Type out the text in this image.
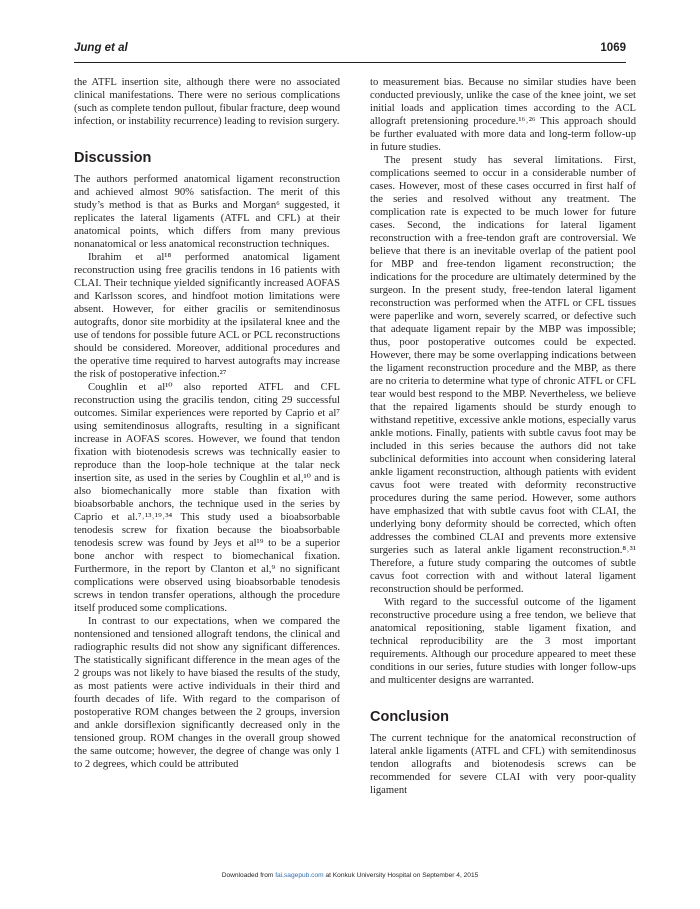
Jung et al	1069

the ATFL insertion site, although there were no associated clinical manifestations. There were no serious complications (such as complete tendon pullout, fibular fracture, deep wound infection, or instability recurrence) leading to revision surgery.

Discussion

The authors performed anatomical ligament reconstruction and achieved almost 90% satisfaction. The merit of this study’s method is that as Burks and Morgan⁶ suggested, it replicates the lateral ligaments (ATFL and CFL) at their anatomical points, which differs from many previous nonanatomical or less anatomical reconstruction techniques.

Ibrahim et al¹⁸ performed anatomical ligament reconstruction using free gracilis tendons in 16 patients with CLAI. Their technique yielded significantly increased AOFAS and Karlsson scores, and hindfoot motion limitations were absent. However, for either gracilis or semitendinosus autografts, donor site morbidity at the ipsilateral knee and the use of tendons for possible future ACL or PCL reconstructions should be considered. Moreover, additional procedures and the operative time required to harvest autografts may increase the risk of postoperative infection.²⁷

Coughlin et al¹⁰ also reported ATFL and CFL reconstruction using the gracilis tendon, citing 29 successful outcomes. Similar experiences were reported by Caprio et al⁷ using semitendinosus allografts, resulting in a significant increase in AOFAS scores. However, we found that tendon fixation with biotenodesis screws was technically easier to reproduce than the loop-hole technique at the talar neck insertion site, as used in the series by Coughlin et al,¹⁰ and is also biomechanically more stable than fixation with bioabsorbable anchors, the technique used in the series by Caprio et al.⁷˒¹³˒¹⁹˒³⁴ This study used a bioabsorbable tenodesis screw for fixation because the bioabsorbable tenodesis screw was found by Jeys et al¹⁹ to be a superior bone anchor with respect to biomechanical fixation. Furthermore, in the report by Clanton et al,⁹ no significant complications were observed using bioabsorbable tenodesis screws in tendon transfer operations, although the procedure itself produced some complications.

In contrast to our expectations, when we compared the nontensioned and tensioned allograft tendons, the clinical and radiographic results did not show any significant differences. The statistically significant difference in the mean ages of the 2 groups was not likely to have biased the results of the study, as most patients were active individuals in their third and fourth decades of life. With regard to the comparison of postoperative ROM changes between the 2 groups, inversion and ankle dorsiflexion significantly decreased only in the tensioned group. ROM changes in the overall group showed the same outcome; however, the degree of change was only 1 to 2 degrees, which could be attributed

to measurement bias. Because no similar studies have been conducted previously, unlike the case of the knee joint, we set initial loads and application times according to the ACL allograft pretensioning procedure.¹⁶˒²⁶ This approach should be further evaluated with more data and long-term follow-up in future studies.

The present study has several limitations. First, complications seemed to occur in a considerable number of cases. However, most of these cases occurred in first half of the series and resolved without any treatment. The complication rate is expected to be much lower for future cases. Second, the indications for lateral ligament reconstruction with a free-tendon graft are controversial. We believe that there is an inevitable overlap of the patient pool for MBP and free-tendon ligament reconstruction; the indications for the procedure are ultimately determined by the surgeon. In the present study, free-tendon lateral ligament reconstruction was performed when the ATFL or CFL tissues were paperlike and worn, severely scarred, or defective such that adequate ligament repair by the MBP was impossible; thus, poor postoperative outcomes could be expected. However, there may be some overlapping indications between the ligament reconstruction procedure and the MBP, as there are no criteria to determine what type of chronic ATFL or CFL tear would best respond to the MBP. Nevertheless, we believe that the repaired ligaments should be sturdy enough to withstand repetitive, excessive ankle motions, especially varus ankle motions. Finally, patients with subtle cavus foot may be included in this series because the authors did not take subclinical deformities into account when considering lateral ankle ligament reconstruction, although patients with evident cavus foot were treated with deformity reconstructive procedures during the same period. However, some authors have emphasized that with subtle cavus foot with CLAI, the underlying bony deformity should be corrected, which often addresses the combined CLAI and prevents more extensive surgeries such as lateral ankle ligament reconstruction.⁸˒³¹ Therefore, a future study comparing the outcomes of subtle cavus foot correction with and without lateral ligament reconstruction should be performed.

With regard to the successful outcome of the ligament reconstructive procedure using a free tendon, we believe that anatomical repositioning, stable ligament fixation, and technical reproducibility are the 3 most important requirements. Although our procedure appeared to meet these conditions in our series, future studies with longer follow-ups and multicenter designs are warranted.

Conclusion

The current technique for the anatomical reconstruction of lateral ankle ligaments (ATFL and CFL) with semitendinosus tendon allografts and biotenodesis screws can be recommended for severe CLAI with very poor-quality ligament

Downloaded from fai.sagepub.com at Konkuk University Hospital on September 4, 2015
